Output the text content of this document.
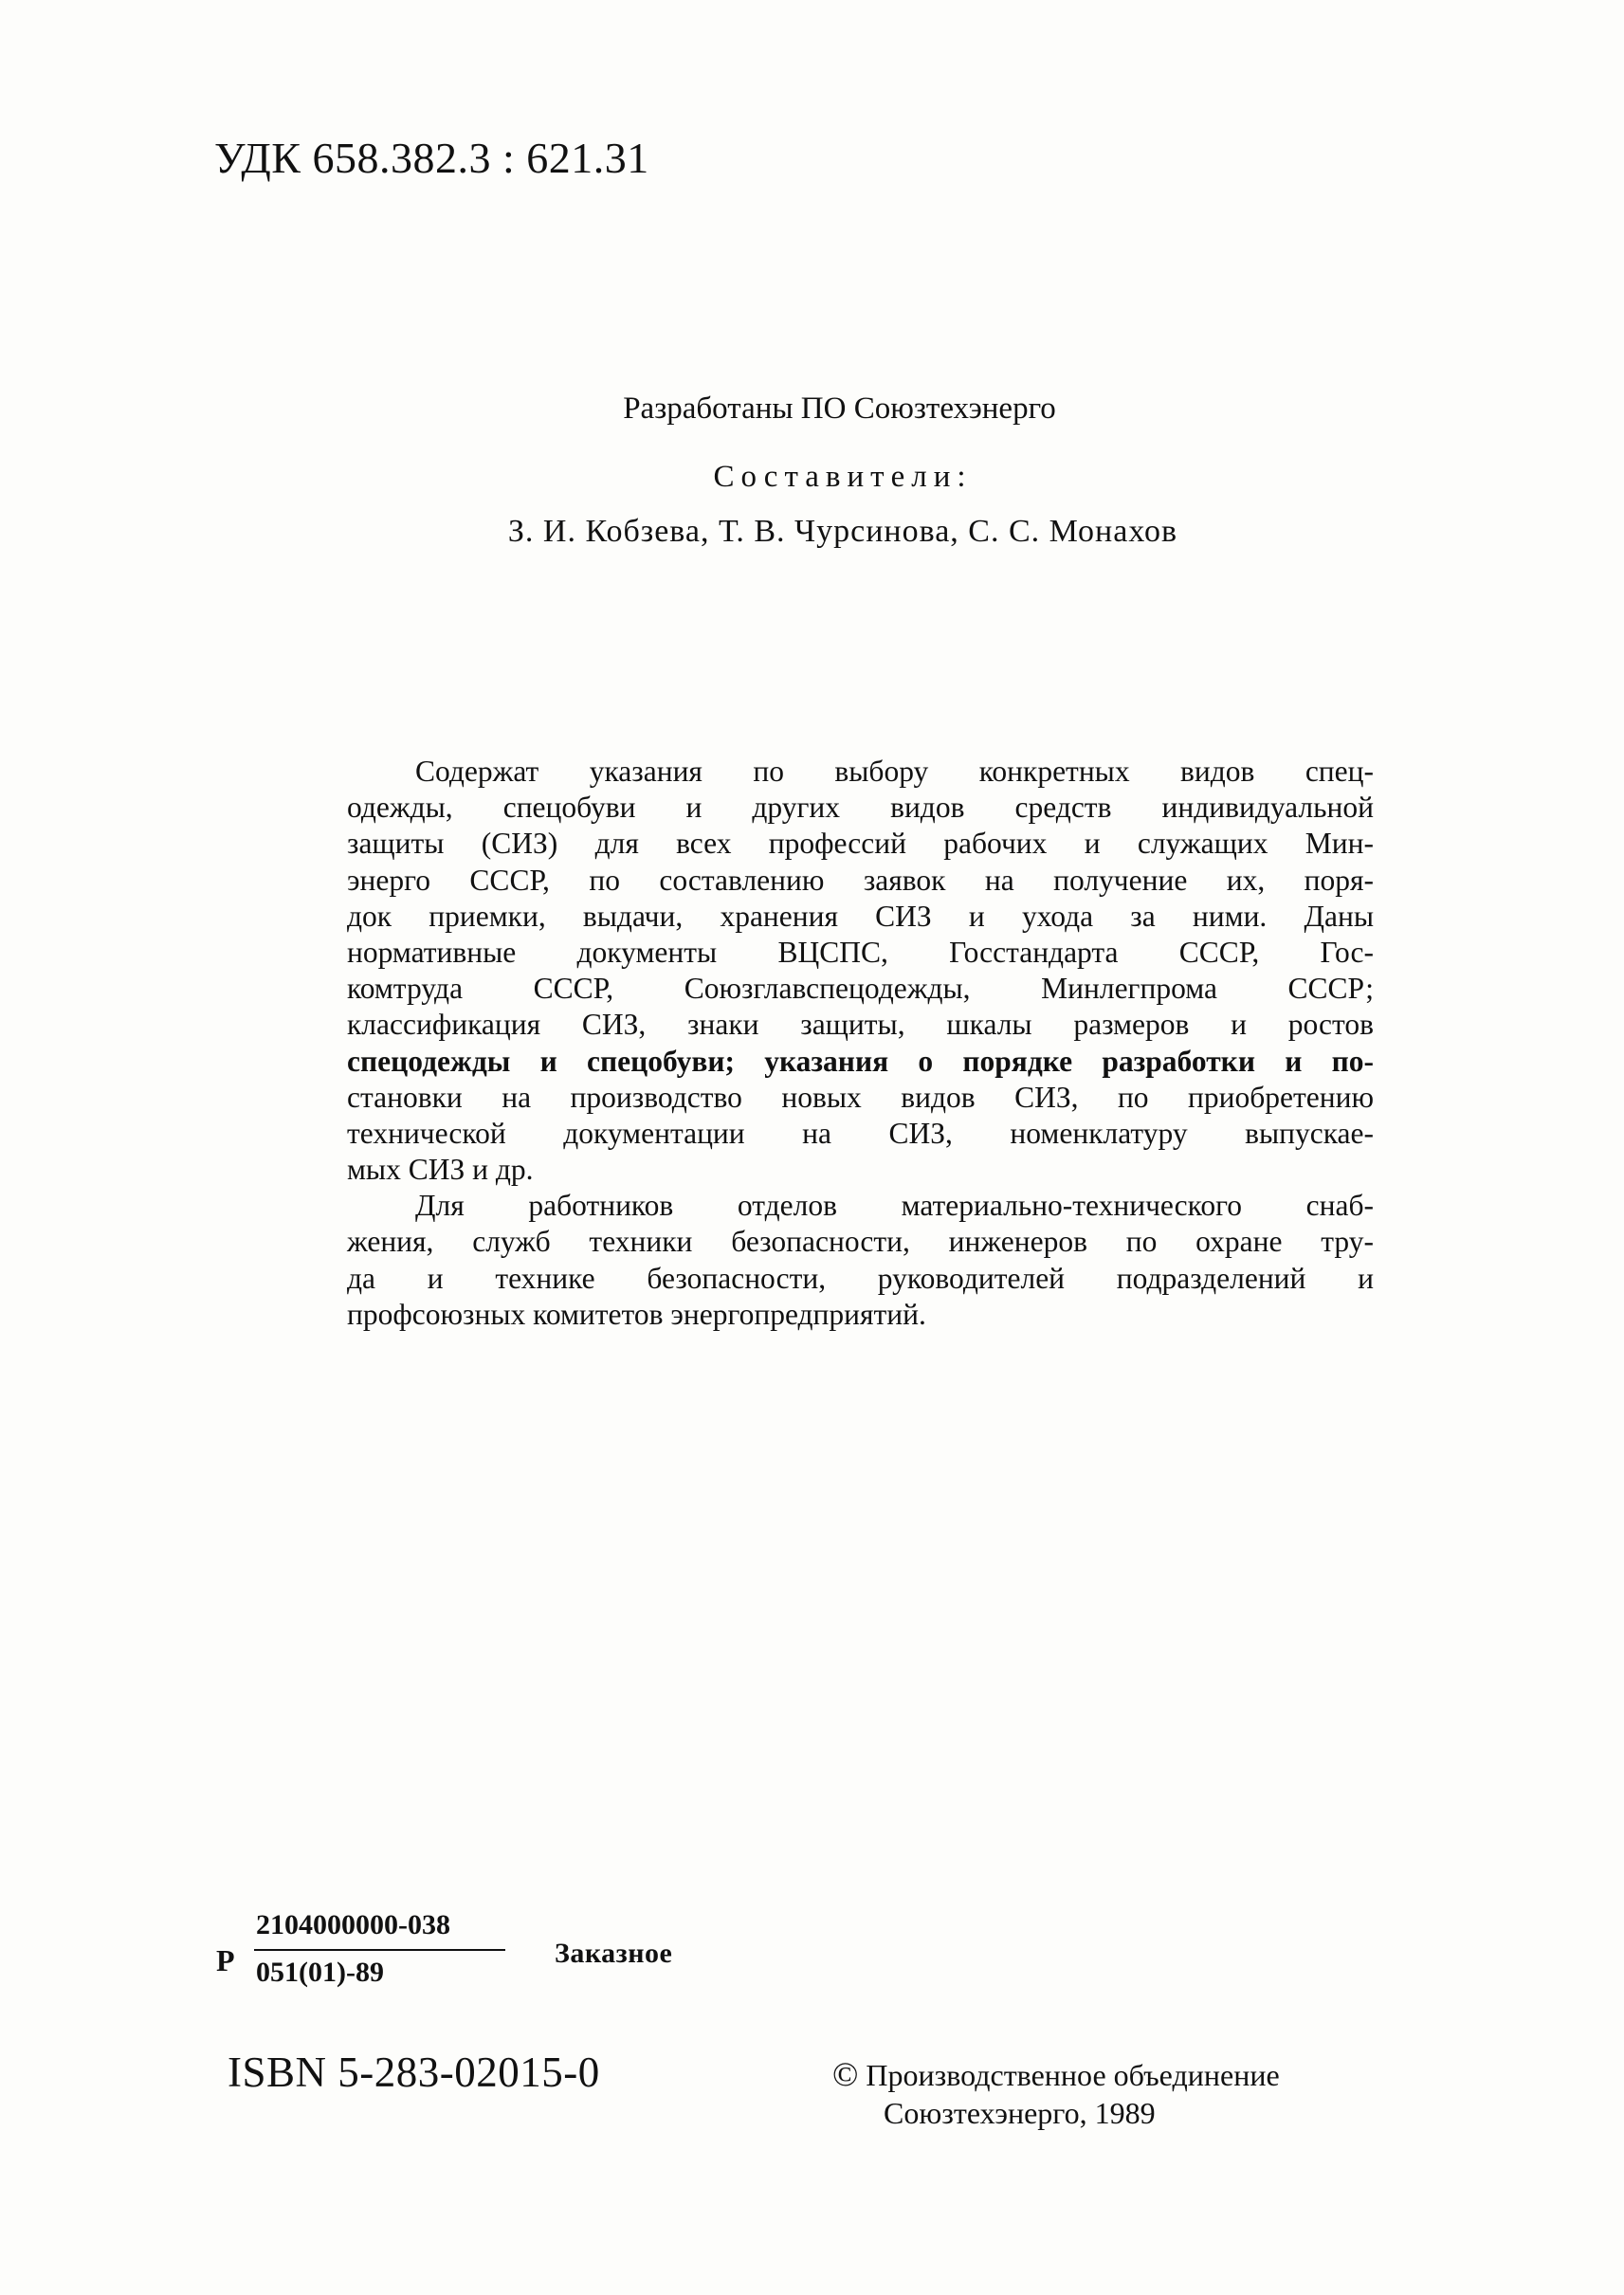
УДК 658.382.3 : 621.31
Разработаны ПО Союзтехэнерго
Составители:
З. И. Кобзева, Т. В. Чурсинова, С. С. Монахов
Содержат указания по выбору конкретных видов спец-
одежды, спецобуви и других видов средств индивидуальной
защиты (СИЗ) для всех профессий рабочих и служащих Мин-
энерго СССР, по составлению заявок на получение их, поря-
док приемки, выдачи, хранения СИЗ и ухода за ними. Даны
нормативные документы ВЦСПС, Госстандарта СССР, Гос-
комтруда СССР, Союзглавспецодежды, Минлегпрома СССР;
классификация СИЗ, знаки защиты, шкалы размеров и ростов
спецодежды и спецобуви; указания о порядке разработки и по-
становки на производство новых видов СИЗ, по приобретению
технической документации на СИЗ, номенклатуру выпускае-
мых СИЗ и др.
Для работников отделов материально-технического снаб-
жения, служб техники безопасности, инженеров по охране тру-
да и технике безопасности, руководителей подразделений и
профсоюзных комитетов энергопредприятий.
Р
2104000000-038
051(01)-89
Заказное
ISBN 5-283-02015-0	© Производственное объединение
Союзтехэнерго, 1989
